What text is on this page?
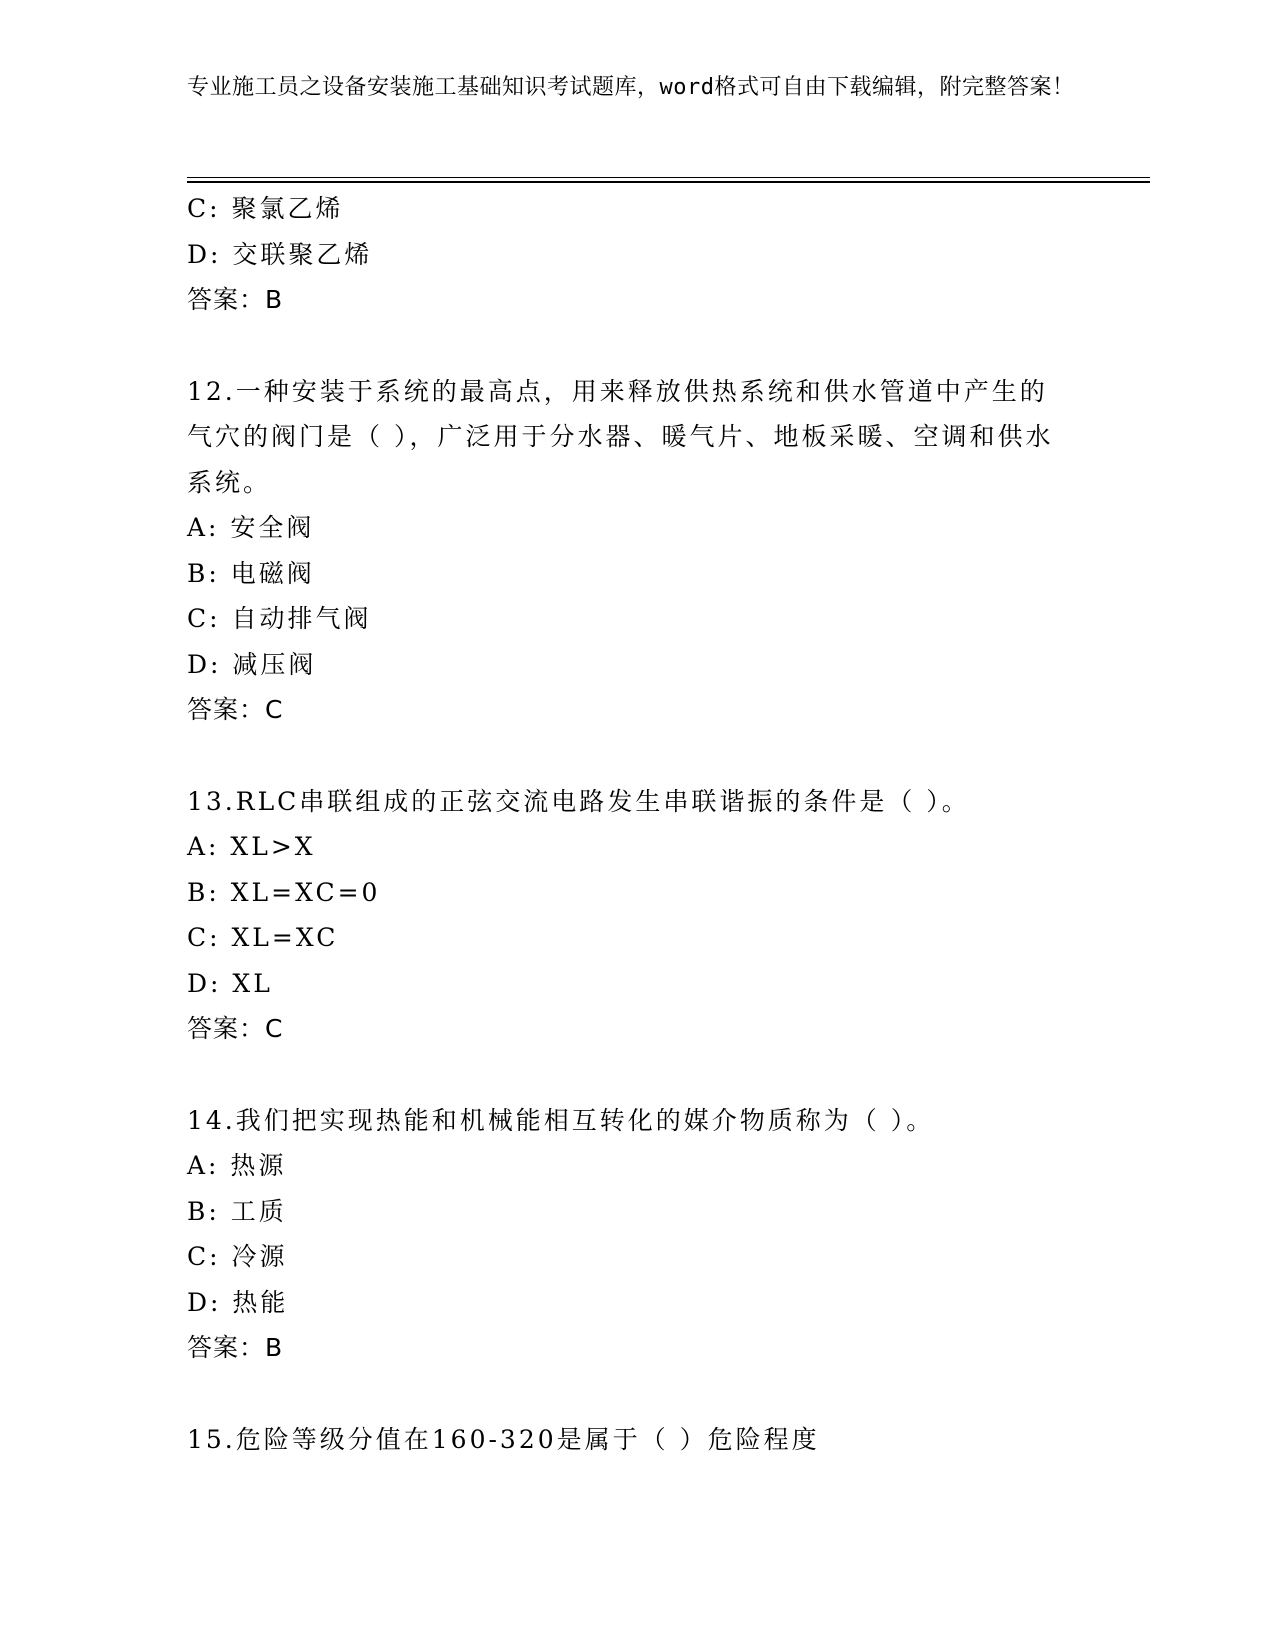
专业施工员之设备安装施工基础知识考试题库，word格式可自由下载编辑，附完整答案！
C: 聚氯乙烯
D: 交联聚乙烯
答案：B
12.一种安装于系统的最高点，用来释放供热系统和供水管道中产生的气穴的阀门是（ ），广泛用于分水器、暖气片、地板采暖、空调和供水系统。
A: 安全阀
B: 电磁阀
C: 自动排气阀
D: 减压阀
答案：C
13.RLC串联组成的正弦交流电路发生串联谐振的条件是（ ）。
A: XL>X
B: XL=XC=0
C: XL=XC
D: XL
答案：C
14.我们把实现热能和机械能相互转化的媒介物质称为（ ）。
A: 热源
B: 工质
C: 冷源
D: 热能
答案：B
15.危险等级分值在160-320是属于（ ）危险程度
